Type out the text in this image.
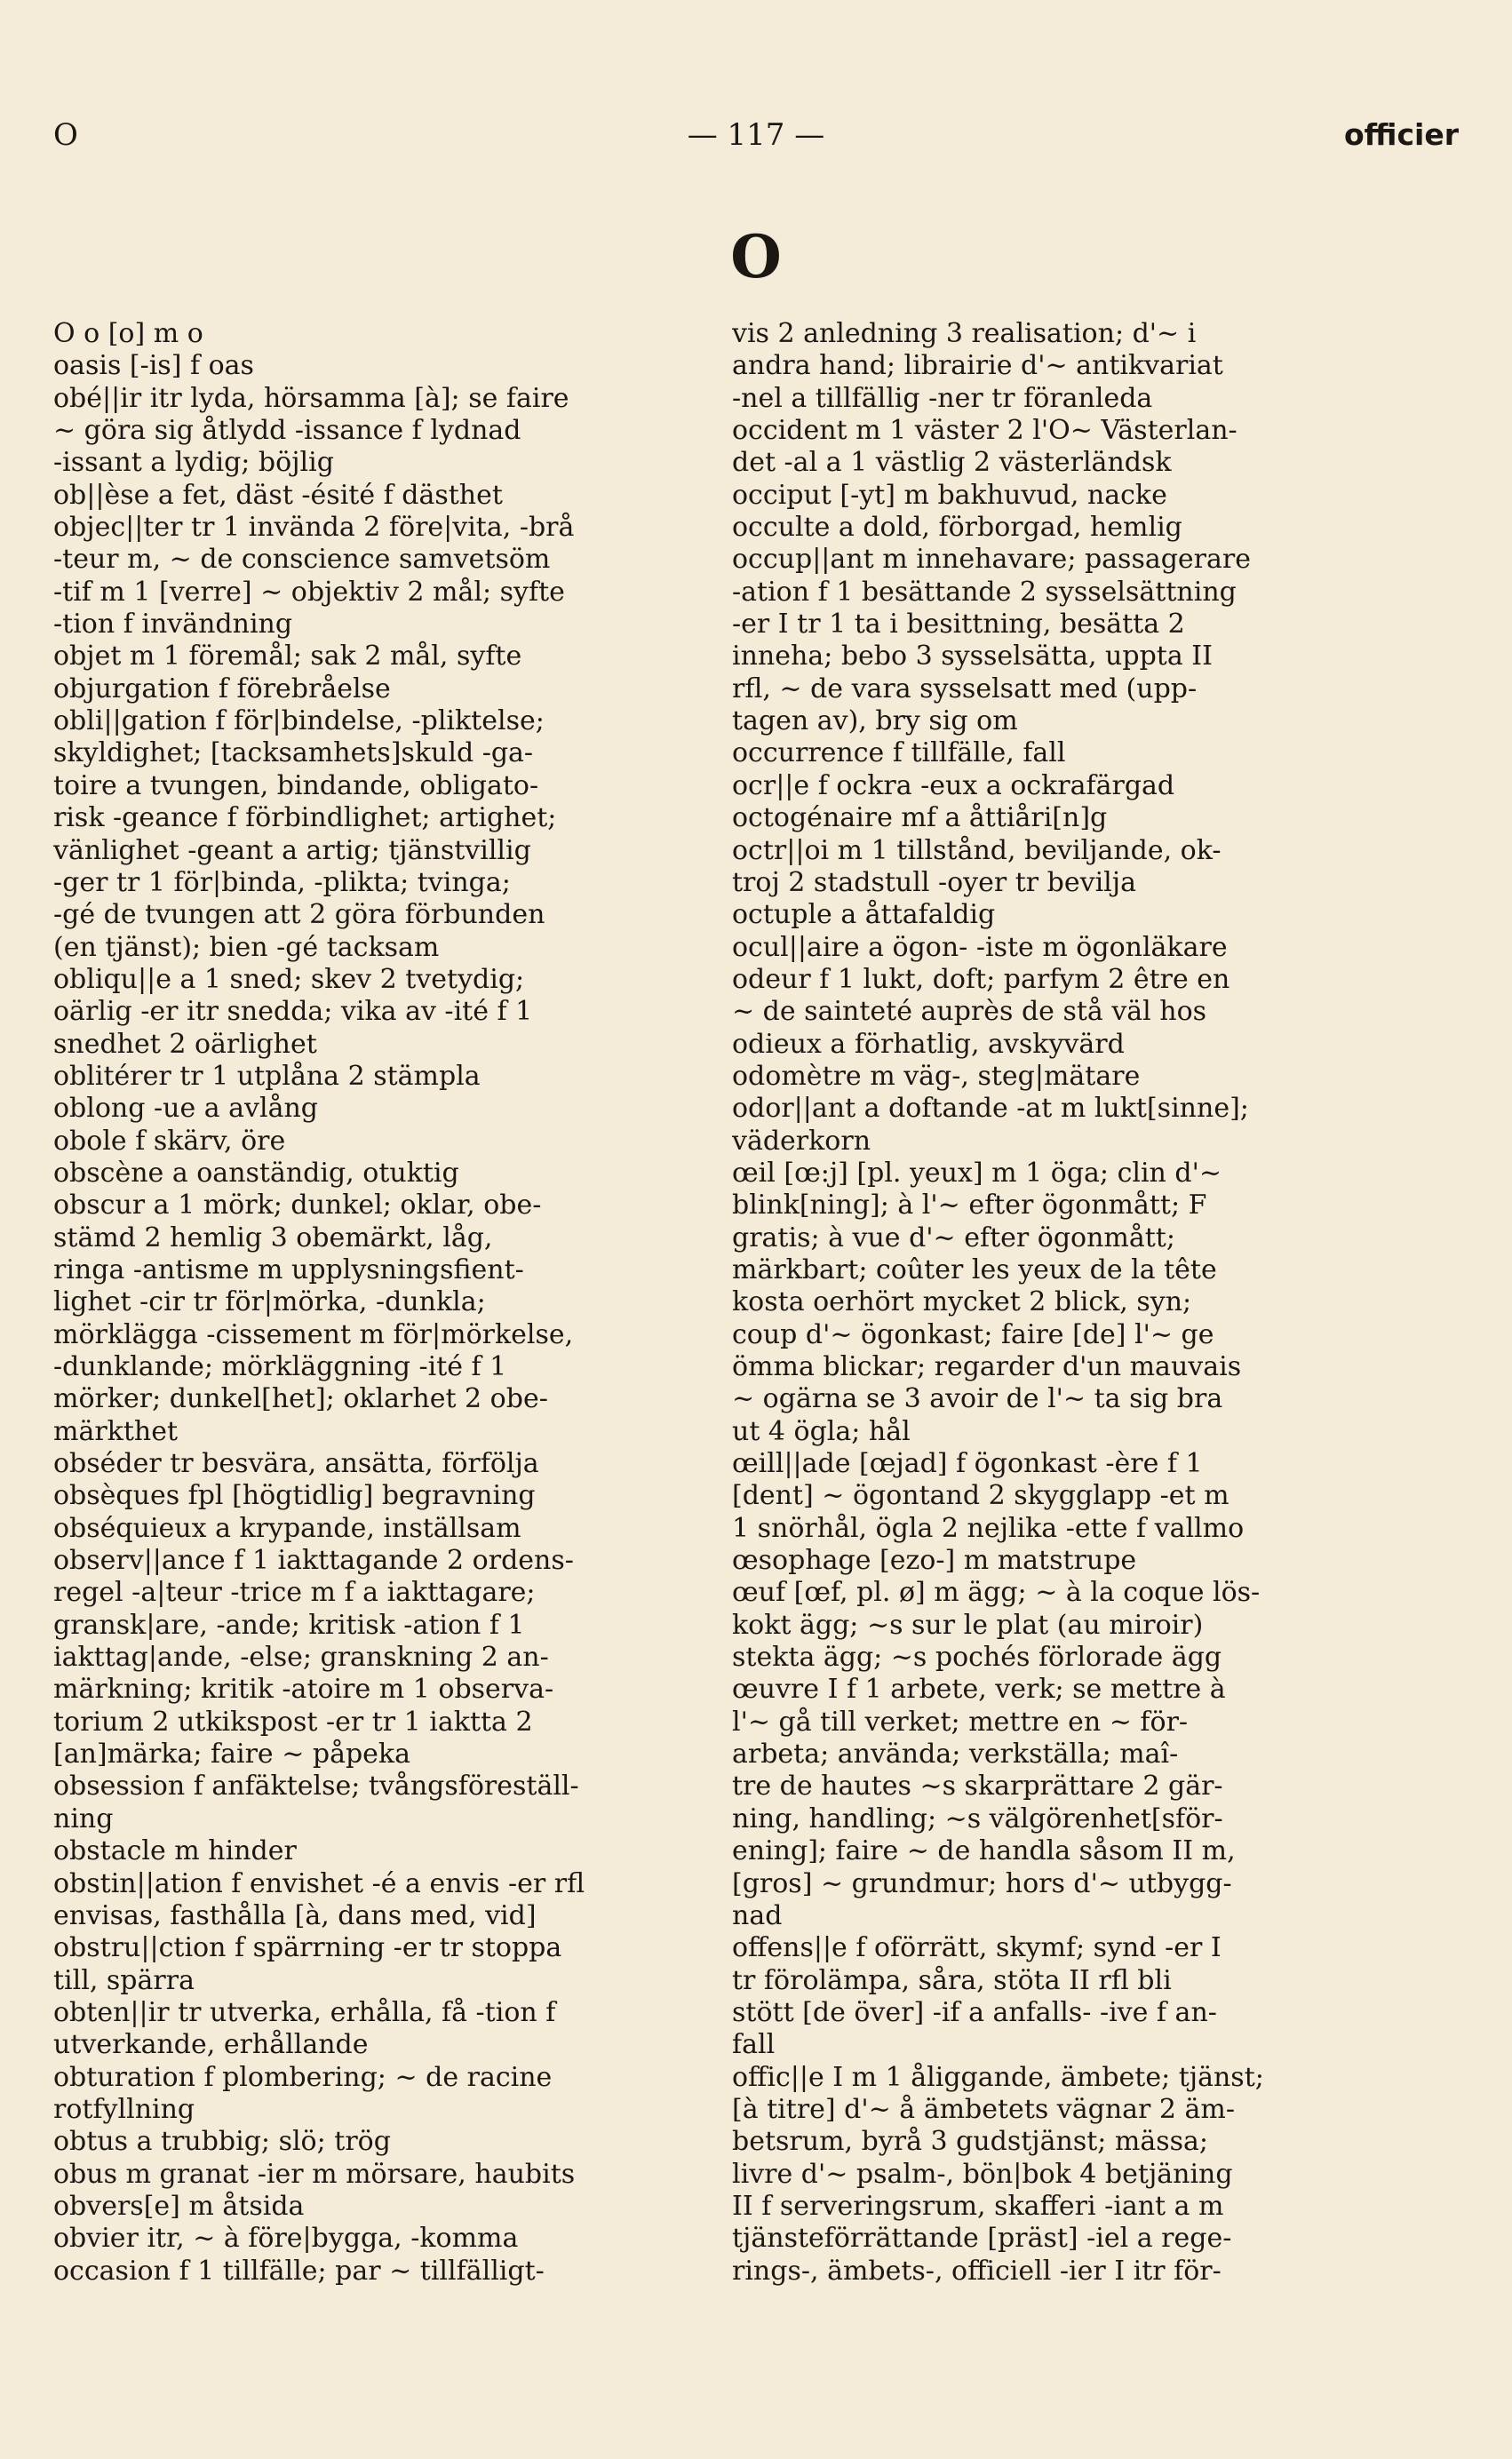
O	— 117 —	officier
O
O o [o] m o
oasis [-is] f oas
obé||ir itr lyda, hörsamma [à]; se faire
~ göra sig åtlydd -issance f lydnad
-issant a lydig; böjlig
ob||èse a fet, däst -ésité f dästhet
objec||ter tr 1 invända 2 före|vita, -brå
-teur m, ~ de conscience samvetsöm
-tif m 1 [verre] ~ objektiv 2 mål; syfte
-tion f invändning
objet m 1 föremål; sak 2 mål, syfte
objurgation f förebråelse
obli||gation f för|bindelse, -pliktelse;
skyldighet; [tacksamhets]skuld -ga-
toire a tvungen, bindande, obligato-
risk -geance f förbindlighet; artighet;
vänlighet -geant a artig; tjänstvillig
-ger tr 1 för|binda, -plikta; tvinga;
-gé de tvungen att 2 göra förbunden
(en tjänst); bien -gé tacksam
obliqu||e a 1 sned; skev 2 tvetydig;
oärlig -er itr snedda; vika av -ité f 1
snedhet 2 oärlighet
oblitérer tr 1 utplåna 2 stämpla
oblong -ue a avlång
obole f skärv, öre
obscène a oanständig, otuktig
obscur a 1 mörk; dunkel; oklar, obe-
stämd 2 hemlig 3 obemärkt, låg,
ringa -antisme m upplysningsfient-
lighet -cir tr för|mörka, -dunkla;
mörklägga -cissement m för|mörkelse,
-dunklande; mörkläggning -ité f 1
mörker; dunkel[het]; oklarhet 2 obe-
märkthet
obséder tr besvära, ansätta, förfölja
obsèques fpl [högtidlig] begravning
obséquieux a krypande, inställsam
observ||ance f 1 iakttagande 2 ordens-
regel -a|teur -trice m f a iakttagare;
gransk|are, -ande; kritisk -ation f 1
iakttag|ande, -else; granskning 2 an-
märkning; kritik -atoire m 1 observa-
torium 2 utkikspost -er tr 1 iaktta 2
[an]märka; faire ~ påpeka
obsession f anfäktelse; tvångsföreställ-
ning
obstacle m hinder
obstin||ation f envishet -é a envis -er rfl
envisas, fasthålla [à, dans med, vid]
obstru||ction f spärrning -er tr stoppa
till, spärra
obten||ir tr utverka, erhålla, få -tion f
utverkande, erhållande
obturation f plombering; ~ de racine
rotfyllning
obtus a trubbig; slö; trög
obus m granat -ier m mörsare, haubits
obvers[e] m åtsida
obvier itr, ~ à före|bygga, -komma
occasion f 1 tillfälle; par ~ tillfälligt-
vis 2 anledning 3 realisation; d'~ i
andra hand; librairie d'~ antikvariat
-nel a tillfällig -ner tr föranleda
occident m 1 väster 2 l'O~ Västerlan-
det -al a 1 västlig 2 västerländsk
occiput [-yt] m bakhuvud, nacke
occulte a dold, förborgad, hemlig
occup||ant m innehavare; passagerare
-ation f 1 besättande 2 sysselsättning
-er I tr 1 ta i besittning, besätta 2
inneha; bebo 3 sysselsätta, uppta II
rfl, ~ de vara sysselsatt med (upp-
tagen av), bry sig om
occurrence f tillfälle, fall
ocr||e f ockra -eux a ockrafärgad
octogénaire mf a åttiåri[n]g
octr||oi m 1 tillstånd, beviljande, ok-
troj 2 stadstull -oyer tr bevilja
octuple a åttafaldig
ocul||aire a ögon- -iste m ögonläkare
odeur f 1 lukt, doft; parfym 2 être en
~ de sainteté auprès de stå väl hos
odieux a förhatlig, avskyvärd
odomètre m väg-, steg|mätare
odor||ant a doftande -at m lukt[sinne];
väderkorn
œil [œ:j] [pl. yeux] m 1 öga; clin d'~
blink[ning]; à l'~ efter ögonmått; F
gratis; à vue d'~ efter ögonmått;
märkbart; coûter les yeux de la tête
kosta oerhört mycket 2 blick, syn;
coup d'~ ögonkast; faire [de] l'~ ge
ömma blickar; regarder d'un mauvais
~ ogärna se 3 avoir de l'~ ta sig bra
ut 4 ögla; hål
œill||ade [œjad] f ögonkast -ère f 1
[dent] ~ ögontand 2 skygglapp -et m
1 snörhål, ögla 2 nejlika -ette f vallmo
œsophage [ezo-] m matstrupe
œuf [œf, pl. ø] m ägg; ~ à la coque lös-
kokt ägg; ~s sur le plat (au miroir)
stekta ägg; ~s pochés förlorade ägg
œuvre I f 1 arbete, verk; se mettre à
l'~ gå till verket; mettre en ~ för-
arbeta; använda; verkställa; maî-
tre de hautes ~s skarprättare 2 gär-
ning, handling; ~s välgörenhet[sför-
ening]; faire ~ de handla såsom II m,
[gros] ~ grundmur; hors d'~ utbygg-
nad
offens||e f oförrätt, skymf; synd -er I
tr förolämpa, såra, stöta II rfl bli
stött [de över] -if a anfalls- -ive f an-
fall
offic||e I m 1 åliggande, ämbete; tjänst;
[à titre] d'~ å ämbetets vägnar 2 äm-
betsrum, byrå 3 gudstjänst; mässa;
livre d'~ psalm-, bön|bok 4 betjäning
II f serveringsrum, skafferi -iant a m
tjänsteförrättande [präst] -iel a rege-
rings-, ämbets-, officiell -ier I itr för-
